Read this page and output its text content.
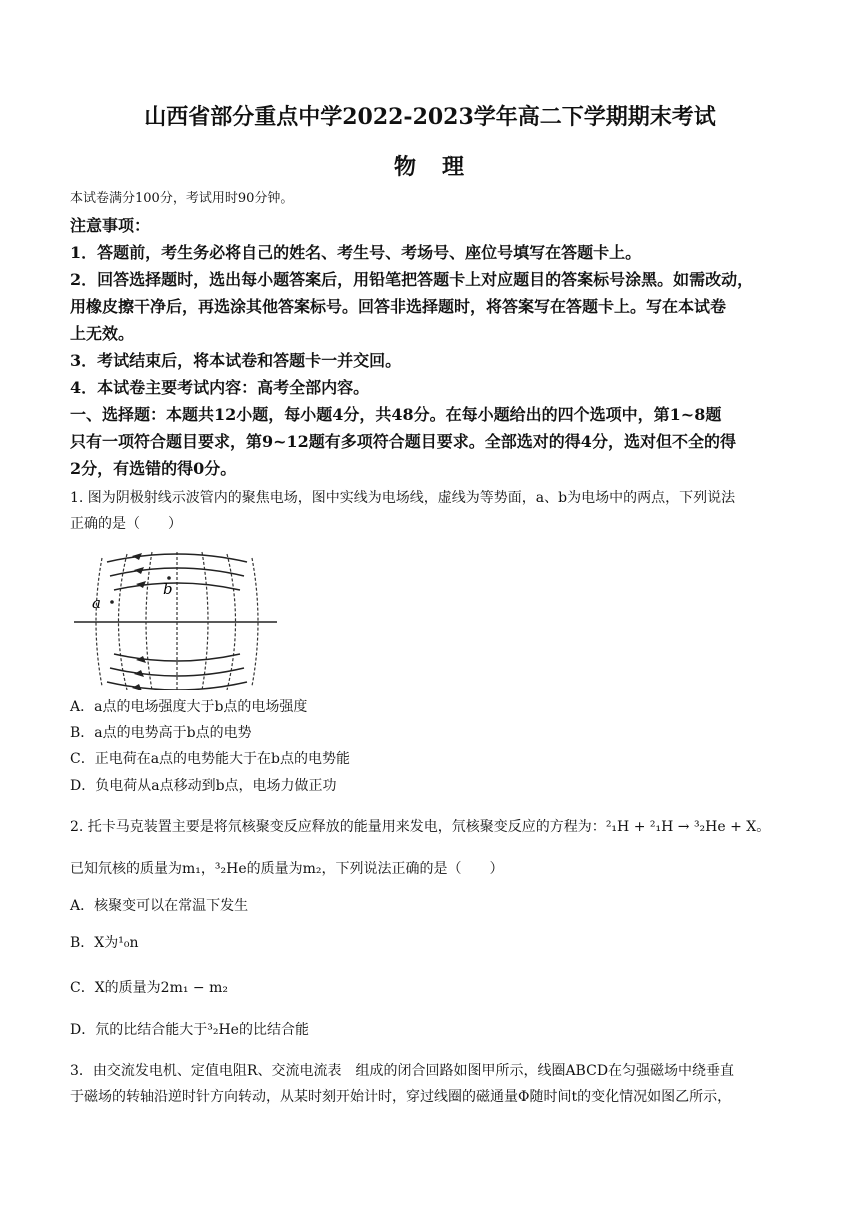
山西省部分重点中学2022-2023学年高二下学期期末考试
物　理
本试卷满分100分，考试用时90分钟。
注意事项：
1．答题前，考生务必将自己的姓名、考生号、考场号、座位号填写在答题卡上。
2．回答选择题时，选出每小题答案后，用铅笔把答题卡上对应题目的答案标号涂黑。如需改动，
用橡皮擦干净后，再选涂其他答案标号。回答非选择题时，将答案写在答题卡上。写在本试卷
上无效。
3．考试结束后，将本试卷和答题卡一并交回。
4．本试卷主要考试内容：高考全部内容。
一、选择题：本题共12小题，每小题4分，共48分。在每小题给出的四个选项中，第1~8题
只有一项符合题目要求，第9~12题有多项符合题目要求。全部选对的得4分，选对但不全的得
2分，有选错的得0分。
1. 图为阴极射线示波管内的聚焦电场，图中实线为电场线，虚线为等势面，a、b为电场中的两点，下列说法
正确的是（　　）
a
b
A．a点的电场强度大于b点的电场强度
B．a点的电势高于b点的电势
C．正电荷在a点的电势能大于在b点的电势能
D．负电荷从a点移动到b点，电场力做正功
2. 托卡马克装置主要是将氘核聚变反应释放的能量用来发电，氘核聚变反应的方程为：²₁H + ²₁H → ³₂He + X。
已知氘核的质量为m₁，³₂He的质量为m₂，下列说法正确的是（　　）
A．核聚变可以在常温下发生
B．X为¹₀n
C．X的质量为2m₁ − m₂
D．氘的比结合能大于³₂He的比结合能
3．由交流发电机、定值电阻R、交流电流表　组成的闭合回路如图甲所示，线圈ABCD在匀强磁场中绕垂直
于磁场的转轴沿逆时针方向转动，从某时刻开始计时，穿过线圈的磁通量Φ随时间t的变化情况如图乙所示，
